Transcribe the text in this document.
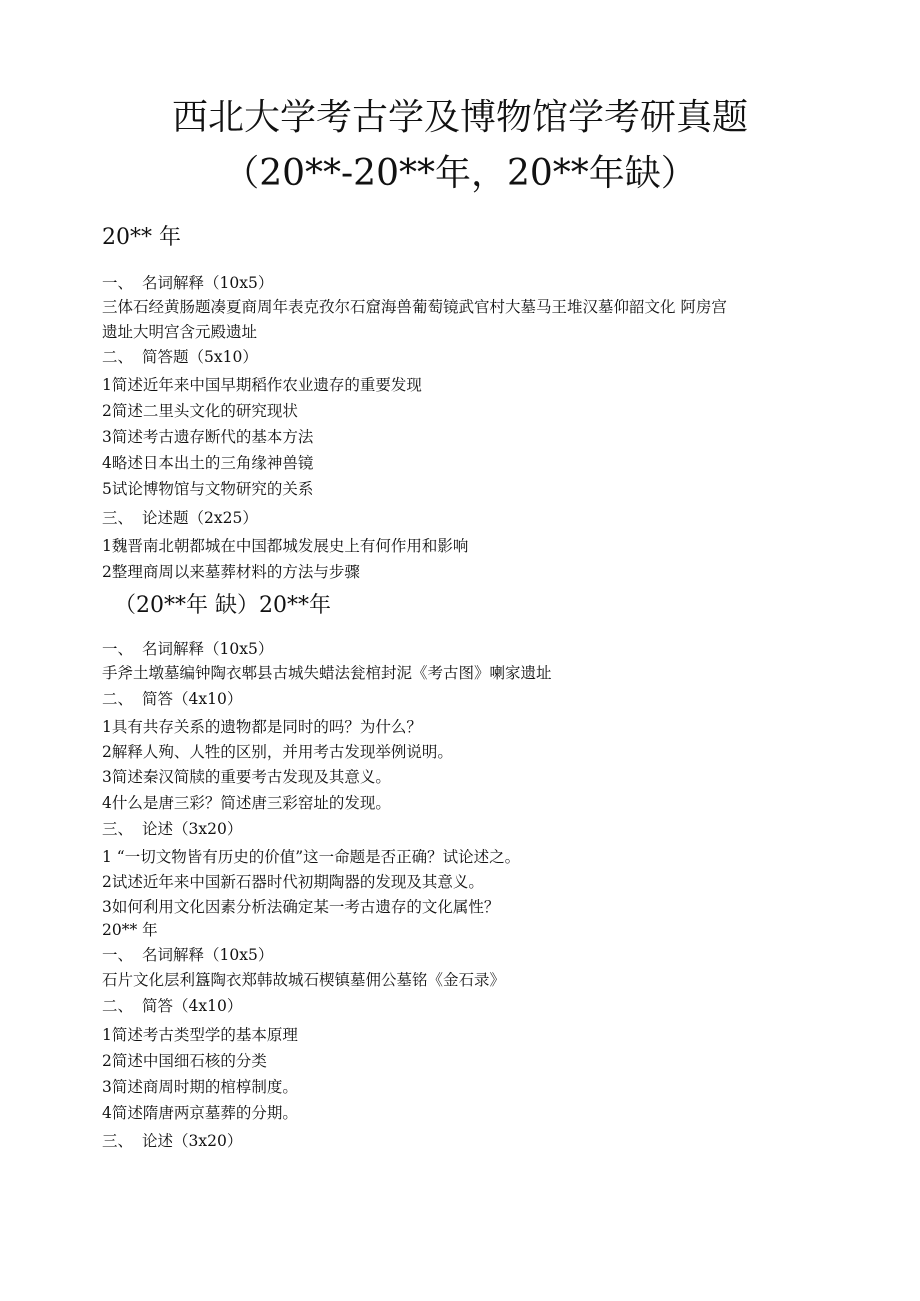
西北大学考古学及博物馆学考研真题
（20**-20**年，20**年缺）
20** 年
一、 名词解释（10x5）
三体石经黄肠题凑夏商周年表克孜尔石窟海兽葡萄镜武官村大墓马王堆汉墓仰韶文化 阿房宫
遗址大明宫含元殿遗址
二、 简答题（5x10）
1简述近年来中国早期稻作农业遗存的重要发现
2简述二里头文化的研究现状
3简述考古遗存断代的基本方法
4略述日本出土的三角缘神兽镜
5试论博物馆与文物研究的关系
三、 论述题（2x25）
1魏晋南北朝都城在中国都城发展史上有何作用和影响
2整理商周以来墓葬材料的方法与步骤
（20**年 缺）20**年
一、 名词解释（10x5）
手斧土墩墓编钟陶衣郫县古城失蜡法瓮棺封泥《考古图》喇家遗址
二、 简答（4x10）
1具有共存关系的遗物都是同时的吗？为什么？
2解释人殉、人牲的区别，并用考古发现举例说明。
3简述秦汉简牍的重要考古发现及其意义。
4什么是唐三彩？简述唐三彩窑址的发现。
三、 论述（3x20）
1 “一切文物皆有历史的价值”这一命题是否正确？试论述之。
2试述近年来中国新石器时代初期陶器的发现及其意义。
3如何利用文化因素分析法确定某一考古遗存的文化属性？
20** 年
一、 名词解释（10x5）
石片文化层利簋陶衣郑韩故城石楔镇墓佣公墓铭《金石录》
二、 简答（4x10）
1简述考古类型学的基本原理
2简述中国细石核的分类
3简述商周时期的棺椁制度。
4简述隋唐两京墓葬的分期。
三、 论述（3x20）
